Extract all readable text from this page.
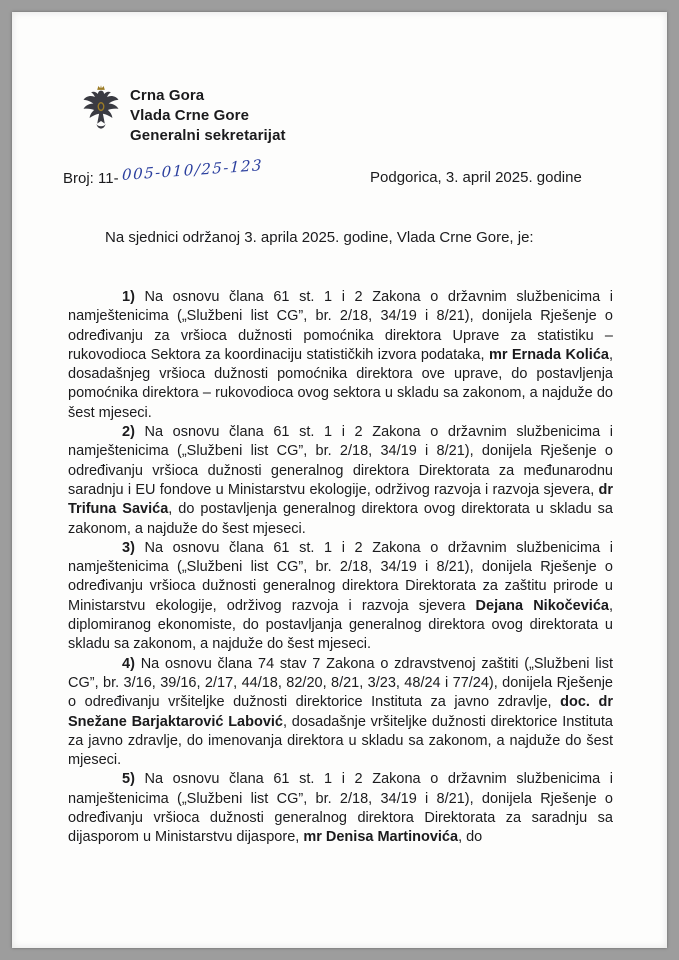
Crna Gora
Vlada Crne Gore
Generalni sekretarijat
Broj: 11- 005-010/25-123	Podgorica, 3. april 2025. godine
Na sjednici održanoj 3. aprila 2025. godine, Vlada Crne Gore, je:

1) Na osnovu člana 61 st. 1 i 2 Zakona o državnim službenicima i namještenicima („Službeni list CG”, br. 2/18, 34/19 i 8/21), donijela Rješenje o određivanju za vršioca dužnosti pomoćnika direktora Uprave za statistiku – rukovodioca Sektora za koordinaciju statističkih izvora podataka, mr Ernada Kolića, dosadašnjeg vršioca dužnosti pomoćnika direktora ove uprave, do postavljenja pomoćnika direktora – rukovodioca ovog sektora u skladu sa zakonom, a najduže do šest mjeseci.

2) Na osnovu člana 61 st. 1 i 2 Zakona o državnim službenicima i namještenicima („Službeni list CG”, br. 2/18, 34/19 i 8/21), donijela Rješenje o određivanju vršioca dužnosti generalnog direktora Direktorata za međunarodnu saradnju i EU fondove u Ministarstvu ekologije, održivog razvoja i razvoja sjevera, dr Trifuna Savića, do postavljenja generalnog direktora ovog direktorata u skladu sa zakonom, a najduže do šest mjeseci.

3) Na osnovu člana 61 st. 1 i 2 Zakona o državnim službenicima i namještenicima („Službeni list CG”, br. 2/18, 34/19 i 8/21), donijela Rješenje o određivanju vršioca dužnosti generalnog direktora Direktorata za zaštitu prirode u Ministarstvu ekologije, održivog razvoja i razvoja sjevera Dejana Nikočevića, diplomiranog ekonomiste, do postavljanja generalnog direktora ovog direktorata u skladu sa zakonom, a najduže do šest mjeseci.

4) Na osnovu člana 74 stav 7 Zakona o zdravstvenoj zaštiti („Službeni list CG”, br. 3/16, 39/16, 2/17, 44/18, 82/20, 8/21, 3/23, 48/24 i 77/24), donijela Rješenje o određivanju vršiteljke dužnosti direktorice Instituta za javno zdravlje, doc. dr Snežane Barjaktarović Labović, dosadašnje vršiteljke dužnosti direktorice Instituta za javno zdravlje, do imenovanja direktora u skladu sa zakonom, a najduže do šest mjeseci.

5) Na osnovu člana 61 st. 1 i 2 Zakona o državnim službenicima i namještenicima („Službeni list CG”, br. 2/18, 34/19 i 8/21), donijela Rješenje o određivanju vršioca dužnosti generalnog direktora Direktorata za saradnju sa dijasporom u Ministarstvu dijaspore, mr Denisa Martinovića, do
